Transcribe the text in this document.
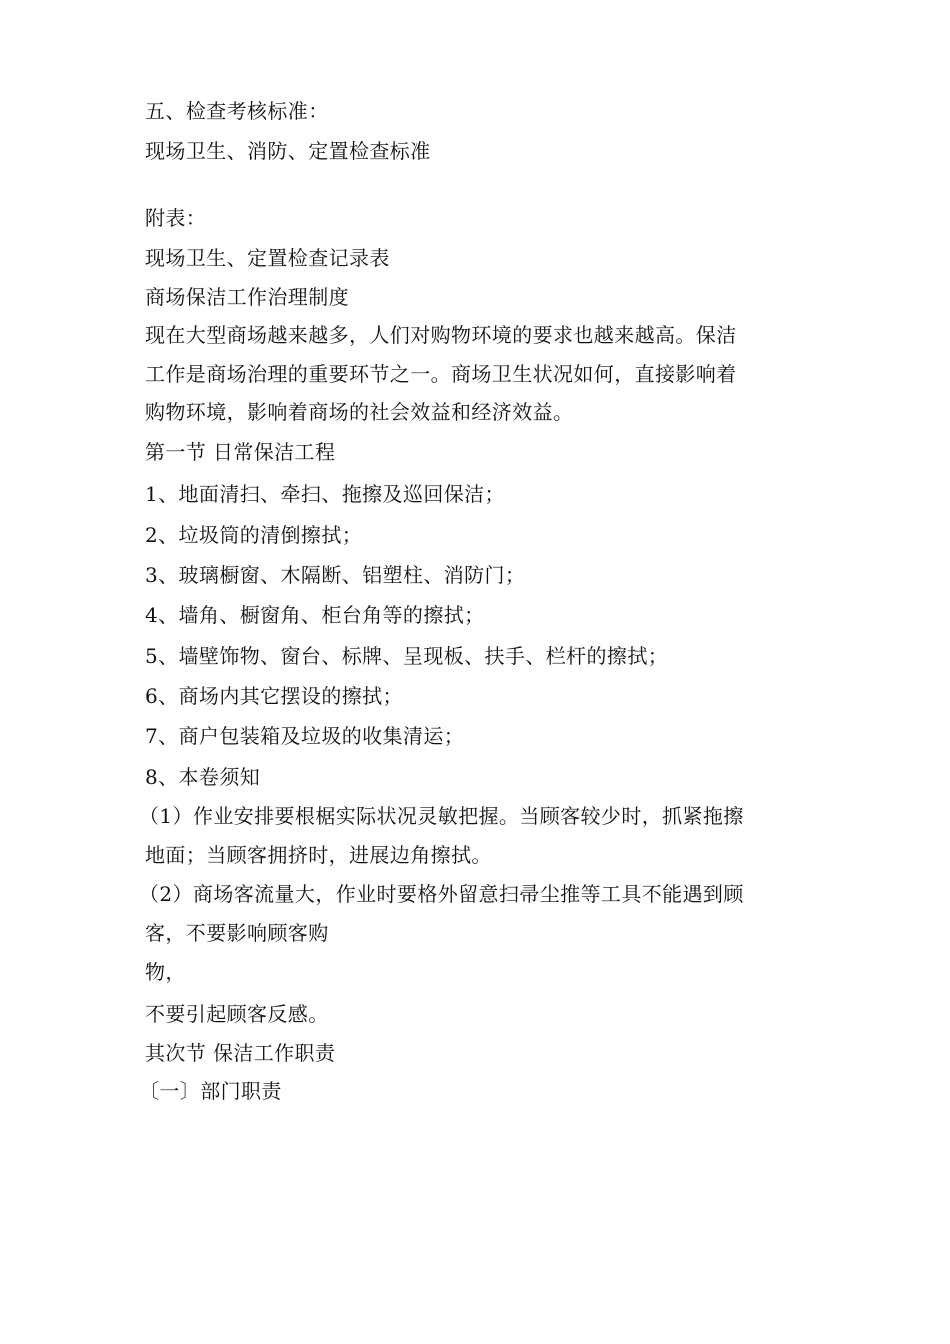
五、检查考核标准：
现场卫生、消防、定置检查标准
附表：
现场卫生、定置检查记录表
商场保洁工作治理制度
现在大型商场越来越多，人们对购物环境的要求也越来越高。保洁
工作是商场治理的重要环节之一。商场卫生状况如何，直接影响着
购物环境，影响着商场的社会效益和经济效益。
第一节 日常保洁工程
1、地面清扫、牵扫、拖擦及巡回保洁；
2、垃圾筒的清倒擦拭；
3、玻璃橱窗、木隔断、铝塑柱、消防门；
4、墙角、橱窗角、柜台角等的擦拭；
5、墙壁饰物、窗台、标牌、呈现板、扶手、栏杆的擦拭；
6、商场内其它摆设的擦拭；
7、商户包装箱及垃圾的收集清运；
8、本卷须知
（1）作业安排要根椐实际状况灵敏把握。当顾客较少时，抓紧拖擦
地面；当顾客拥挤时，进展边角擦拭。
（2）商场客流量大，作业时要格外留意扫帚尘推等工具不能遇到顾
客，不要影响顾客购
物，
不要引起顾客反感。
其次节 保洁工作职责
〔一〕部门职责
